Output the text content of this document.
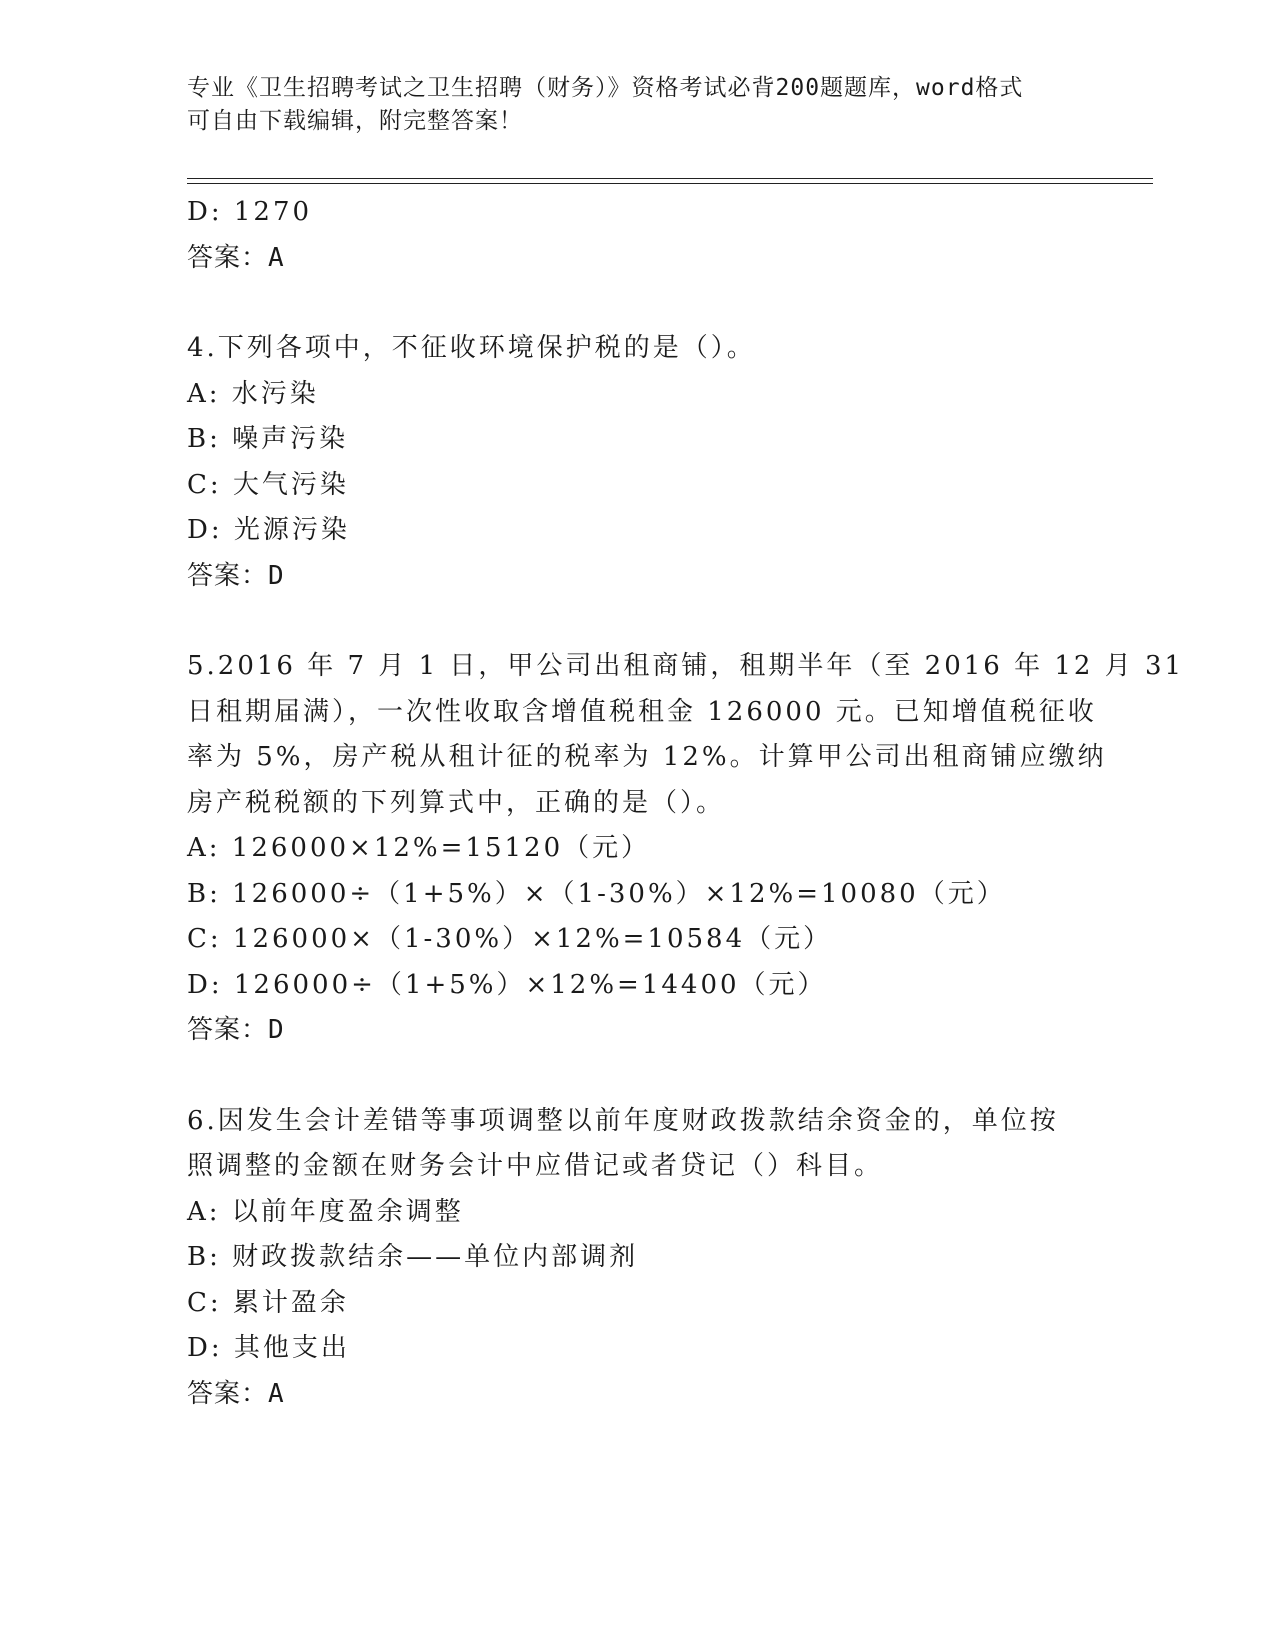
专业《卫生招聘考试之卫生招聘（财务）》资格考试必背200题题库，word格式
可自由下载编辑，附完整答案！
D: 1270
答案：A
4.下列各项中，不征收环境保护税的是（）。
A: 水污染
B: 噪声污染
C: 大气污染
D: 光源污染
答案：D
5.2016 年 7 月 1 日，甲公司出租商铺，租期半年（至 2016 年 12 月 31
日租期届满），一次性收取含增值税租金 126000 元。已知增值税征收
率为 5%，房产税从租计征的税率为 12%。计算甲公司出租商铺应缴纳
房产税税额的下列算式中，正确的是（）。
A: 126000×12%=15120（元）
B: 126000÷（1+5%）×（1-30%）×12%=10080（元）
C: 126000×（1-30%）×12%=10584（元）
D: 126000÷（1+5%）×12%=14400（元）
答案：D
6.因发生会计差错等事项调整以前年度财政拨款结余资金的，单位按
照调整的金额在财务会计中应借记或者贷记（）科目。
A: 以前年度盈余调整
B: 财政拨款结余——单位内部调剂
C: 累计盈余
D: 其他支出
答案：A
